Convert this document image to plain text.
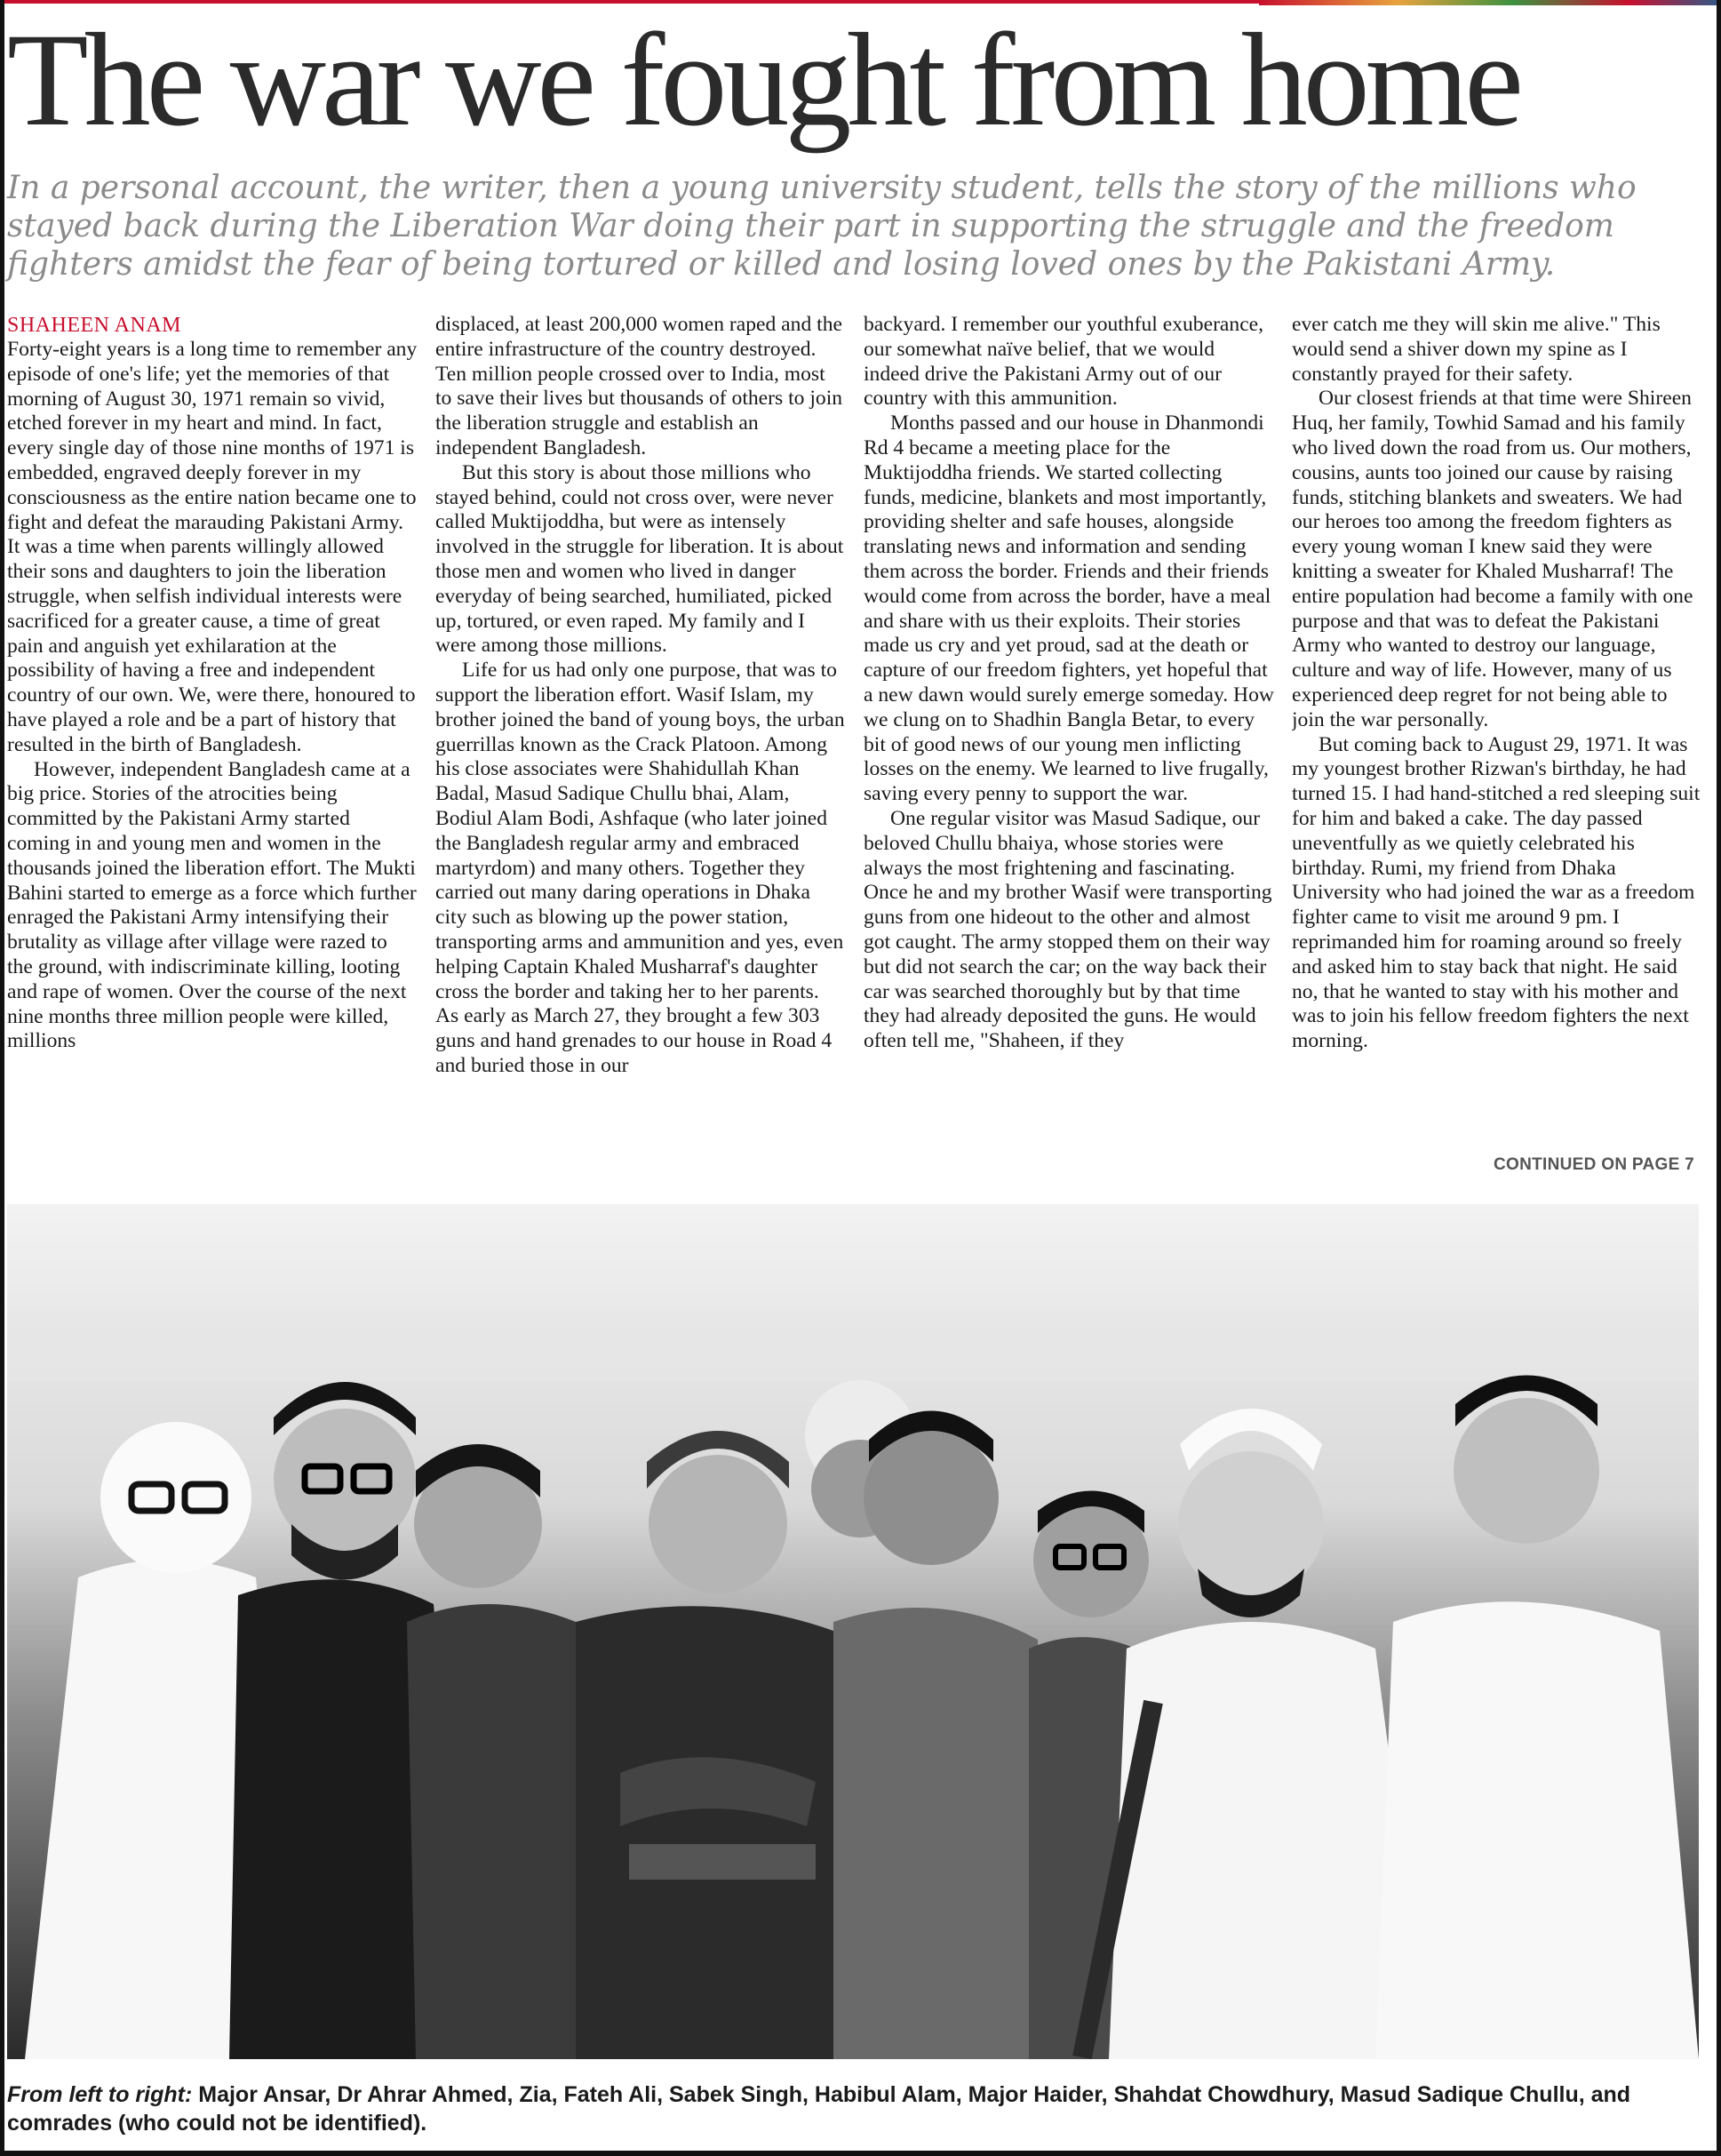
The war we fought from home

In a personal account, the writer, then a young university student, tells the story of the millions who stayed back during the Liberation War doing their part in supporting the struggle and the freedom fighters amidst the fear of being tortured or killed and losing loved ones by the Pakistani Army.

SHAHEEN ANAM

Forty-eight years is a long time to remember any episode of one's life; yet the memories of that morning of August 30, 1971 remain so vivid, etched forever in my heart and mind. In fact, every single day of those nine months of 1971 is embedded, engraved deeply forever in my consciousness as the entire nation became one to fight and defeat the marauding Pakistani Army. It was a time when parents willingly allowed their sons and daughters to join the liberation struggle, when selfish individual interests were sacrificed for a greater cause, a time of great pain and anguish yet exhilaration at the possibility of having a free and independent country of our own. We, were there, honoured to have played a role and be a part of history that resulted in the birth of Bangladesh.

However, independent Bangladesh came at a big price. Stories of the atrocities being committed by the Pakistani Army started coming in and young men and women in the thousands joined the liberation effort. The Mukti Bahini started to emerge as a force which further enraged the Pakistani Army intensifying their brutality as village after village were razed to the ground, with indiscriminate killing, looting and rape of women. Over the course of the next nine months three million people were killed, millions

displaced, at least 200,000 women raped and the entire infrastructure of the country destroyed. Ten million people crossed over to India, most to save their lives but thousands of others to join the liberation struggle and establish an independent Bangladesh.

But this story is about those millions who stayed behind, could not cross over, were never called Muktijoddha, but were as intensely involved in the struggle for liberation. It is about those men and women who lived in danger everyday of being searched, humiliated, picked up, tortured, or even raped. My family and I were among those millions.

Life for us had only one purpose, that was to support the liberation effort. Wasif Islam, my brother joined the band of young boys, the urban guerrillas known as the Crack Platoon. Among his close associates were Shahidullah Khan Badal, Masud Sadique Chullu bhai, Alam, Bodiul Alam Bodi, Ashfaque (who later joined the Bangladesh regular army and embraced martyrdom) and many others. Together they carried out many daring operations in Dhaka city such as blowing up the power station, transporting arms and ammunition and yes, even helping Captain Khaled Musharraf's daughter cross the border and taking her to her parents. As early as March 27, they brought a few 303 guns and hand grenades to our house in Road 4 and buried those in our

backyard. I remember our youthful exuberance, our somewhat naïve belief, that we would indeed drive the Pakistani Army out of our country with this ammunition.

Months passed and our house in Dhanmondi Rd 4 became a meeting place for the Muktijoddha friends. We started collecting funds, medicine, blankets and most importantly, providing shelter and safe houses, alongside translating news and information and sending them across the border. Friends and their friends would come from across the border, have a meal and share with us their exploits. Their stories made us cry and yet proud, sad at the death or capture of our freedom fighters, yet hopeful that a new dawn would surely emerge someday. How we clung on to Shadhin Bangla Betar, to every bit of good news of our young men inflicting losses on the enemy. We learned to live frugally, saving every penny to support the war.

One regular visitor was Masud Sadique, our beloved Chullu bhaiya, whose stories were always the most frightening and fascinating. Once he and my brother Wasif were transporting guns from one hideout to the other and almost got caught. The army stopped them on their way but did not search the car; on the way back their car was searched thoroughly but by that time they had already deposited the guns. He would often tell me, "Shaheen, if they

ever catch me they will skin me alive." This would send a shiver down my spine as I constantly prayed for their safety.

Our closest friends at that time were Shireen Huq, her family, Towhid Samad and his family who lived down the road from us. Our mothers, cousins, aunts too joined our cause by raising funds, stitching blankets and sweaters. We had our heroes too among the freedom fighters as every young woman I knew said they were knitting a sweater for Khaled Musharraf! The entire population had become a family with one purpose and that was to defeat the Pakistani Army who wanted to destroy our language, culture and way of life. However, many of us experienced deep regret for not being able to join the war personally.

But coming back to August 29, 1971. It was my youngest brother Rizwan's birthday, he had turned 15. I had hand-stitched a red sleeping suit for him and baked a cake. The day passed uneventfully as we quietly celebrated his birthday. Rumi, my friend from Dhaka University who had joined the war as a freedom fighter came to visit me around 9 pm. I reprimanded him for roaming around so freely and asked him to stay back that night. He said no, that he wanted to stay with his mother and was to join his fellow freedom fighters the next morning.

CONTINUED ON PAGE 7
From left to right: Major Ansar, Dr Ahrar Ahmed, Zia, Fateh Ali, Sabek Singh, Habibul Alam, Major Haider, Shahdat Chowdhury, Masud Sadique Chullu, and comrades (who could not be identified).
